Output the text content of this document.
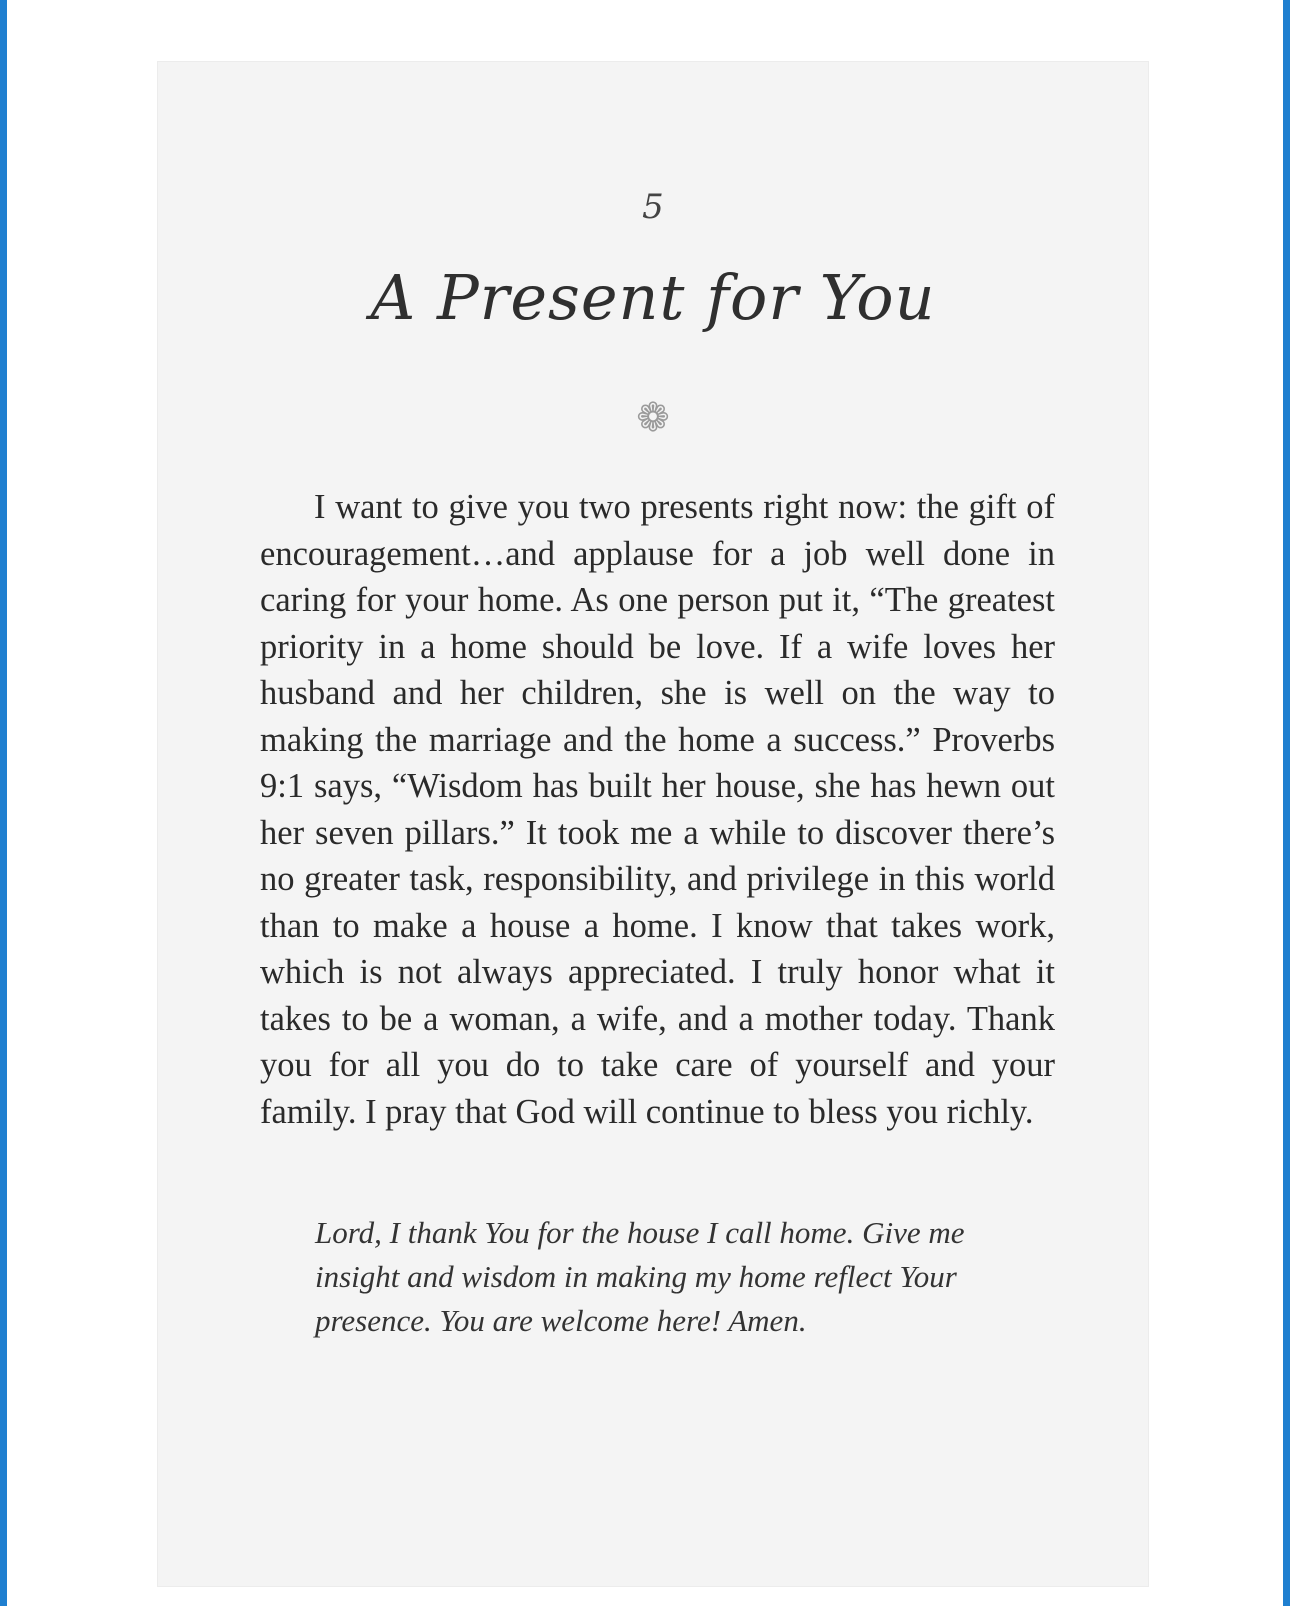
5
A Present for You
❁

I want to give you two presents right now: the gift of encouragement…and applause for a job well done in caring for your home. As one person put it, “The greatest priority in a home should be love. If a wife loves her husband and her children, she is well on the way to making the marriage and the home a success.” Proverbs 9:1 says, “Wisdom has built her house, she has hewn out her seven pillars.” It took me a while to discover there’s no greater task, responsibility, and privilege in this world than to make a house a home. I know that takes work, which is not always appreciated. I truly honor what it takes to be a woman, a wife, and a mother today. Thank you for all you do to take care of yourself and your family. I pray that God will continue to bless you richly.

Lord, I thank You for the house I call home. Give me insight and wisdom in making my home reflect Your presence. You are welcome here! Amen.
